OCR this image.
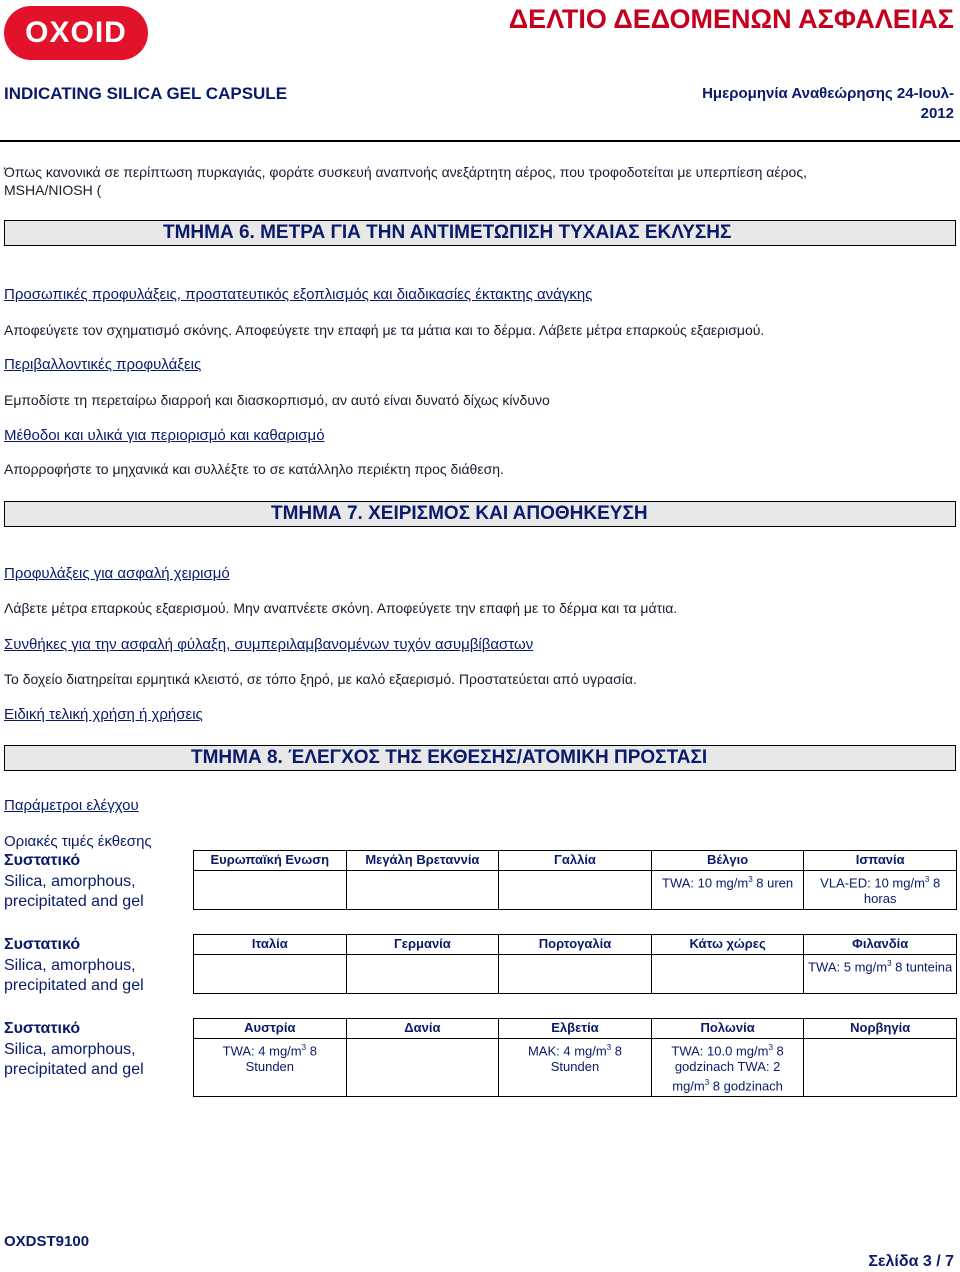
OXOID	ΔΕΛΤΙΟ ΔΕΔΟΜΕΝΩΝ ΑΣΦΑΛΕΙΑΣ
INDICATING SILICA GEL CAPSULE	Ημερομηνία Αναθεώρησης 24-Ιουλ-
2012
Όπως κανονικά σε περίπτωση πυρκαγιάς, φοράτε συσκευή αναπνοής ανεξάρτητη αέρος, που τροφοδοτείται με υπερπίεση αέρος,
MSHA/NIOSH (
ΤΜΗΜΑ 6. ΜΕΤΡΑ ΓΙΑ ΤΗΝ ΑΝΤΙΜΕΤΩΠΙΣΗ ΤΥΧΑΙΑΣ ΕΚΛΥΣΗΣ
Προσωπικές προφυλάξεις, προστατευτικός εξοπλισμός και διαδικασίες έκτακτης ανάγκης
Αποφεύγετε τον σχηματισμό σκόνης. Αποφεύγετε την επαφή με τα μάτια και το δέρμα. Λάβετε μέτρα επαρκούς εξαερισμού.
Περιβαλλοντικές προφυλάξεις
Εμποδίστε τη περεταίρω διαρροή και διασκορπισμό, αν αυτό είναι δυνατό δίχως κίνδυνο
Μέθοδοι και υλικά για περιορισμό και καθαρισμό
Απορροφήστε το μηχανικά και συλλέξτε το σε κατάλληλο περιέκτη προς διάθεση.
ΤΜΗΜΑ 7. ΧΕΙΡΙΣΜΟΣ ΚΑΙ ΑΠΟΘΗΚΕΥΣΗ
Προφυλάξεις για ασφαλή χειρισμό
Λάβετε μέτρα επαρκούς εξαερισμού. Μην αναπνέετε σκόνη. Αποφεύγετε την επαφή με το δέρμα και τα μάτια.
Συνθήκες για την ασφαλή φύλαξη, συμπεριλαμβανομένων τυχόν ασυμβίβαστων
Το δοχείο διατηρείται ερμητικά κλειστό, σε τόπο ξηρό, με καλό εξαερισμό. Προστατεύεται από υγρασία.
Ειδική τελική χρήση ή χρήσεις
ΤΜΗΜΑ 8. ΈΛΕΓΧΟΣ ΤΗΣ ΕΚΘΕΣΗΣ/ΑΤΟΜΙΚΗ ΠΡΟΣΤΑΣΙ
Παράμετροι ελέγχου
Οριακές τιμές έκθεσης
Συστατικό
Silica, amorphous, precipitated and gel
Ευρωπαϊκή Ενωση	Μεγάλη Βρεταννία	Γαλλία	Βέλγιο	Ισπανία
			TWA: 10 $mg/m^3$ 8 uren	VLA-ED: 10 $mg/m^3$ 8 horas
Συστατικό
Silica, amorphous, precipitated and gel
Ιταλία	Γερμανία	Πορτογαλία	Κάτω χώρες	Φιλανδία
				TWA: 5 $mg/m^3$ 8 tunteina
Συστατικό
Silica, amorphous, precipitated and gel
Αυστρία	Δανία	Ελβετία	Πολωνία	Νορβηγία
TWA: 4 $mg/m^3$ 8 Stunden		MAK: 4 $mg/m^3$ 8 Stunden	TWA: 10.0 $mg/m^3$ 8 godzinach TWA: 2 $mg/m^3$ 8 godzinach	
OXDST9100
Σελίδα 3 / 7
